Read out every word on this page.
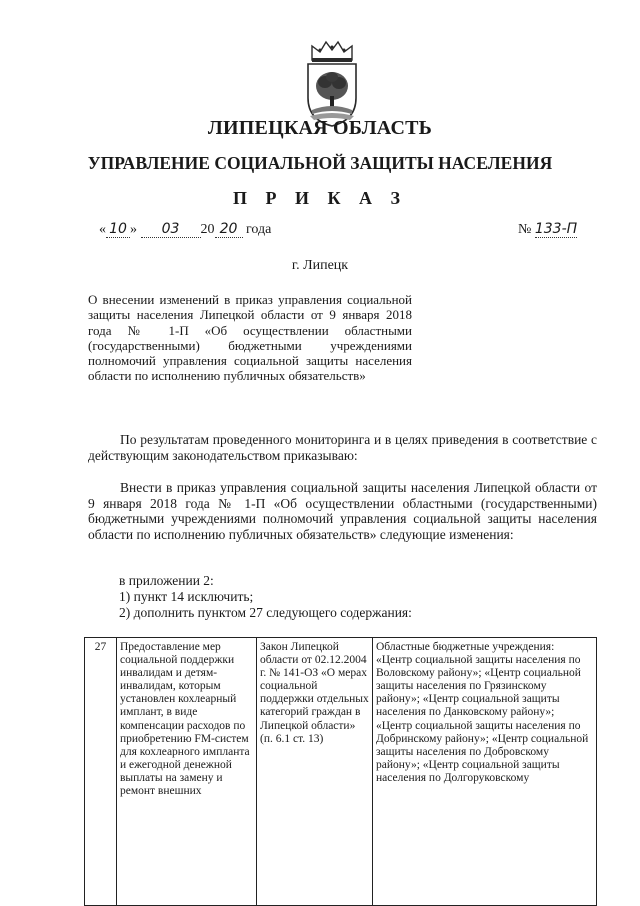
ЛИПЕЦКАЯ ОБЛАСТЬ
УПРАВЛЕНИЕ СОЦИАЛЬНОЙ ЗАЩИТЫ НАСЕЛЕНИЯ
П Р И К А З
« 10 » 03 20 20 года	№ 133-П
г. Липецк
О внесении изменений в приказ управления социальной защиты населения Липецкой области от 9 января 2018 года № 1-П «Об осуществлении областными (государственными) бюджетными учреждениями полномочий управления социальной защиты населения области по исполнению публичных обязательств»
По результатам проведенного мониторинга и в целях приведения в соответствие с действующим законодательством приказываю:
Внести в приказ управления социальной защиты населения Липецкой области от 9 января 2018 года № 1-П «Об осуществлении областными (государственными) бюджетными учреждениями полномочий управления социальной защиты населения области по исполнению публичных обязательств» следующие изменения:
в приложении 2:
1) пункт 14 исключить;
2) дополнить пунктом 27 следующего содержания:
27	Предоставление мер социальной поддержки инвалидам и детям-инвалидам, которым установлен кохлеарный имплант, в виде компенсации расходов по приобретению FM-систем для кохлеарного импланта и ежегодной денежной выплаты на замену и ремонт внешних	Закон Липецкой области от 02.12.2004 г. № 141-ОЗ «О мерах социальной поддержки отдельных категорий граждан в Липецкой области» (п. 6.1 ст. 13)	Областные бюджетные учреждения: «Центр социальной защиты населения по Воловскому району»; «Центр социальной защиты населения по Грязинскому району»; «Центр социальной защиты населения по Данковскому району»; «Центр социальной защиты населения по Добринскому району»; «Центр социальной защиты населения по Добровскому району»; «Центр социальной защиты населения по Долгоруковскому
